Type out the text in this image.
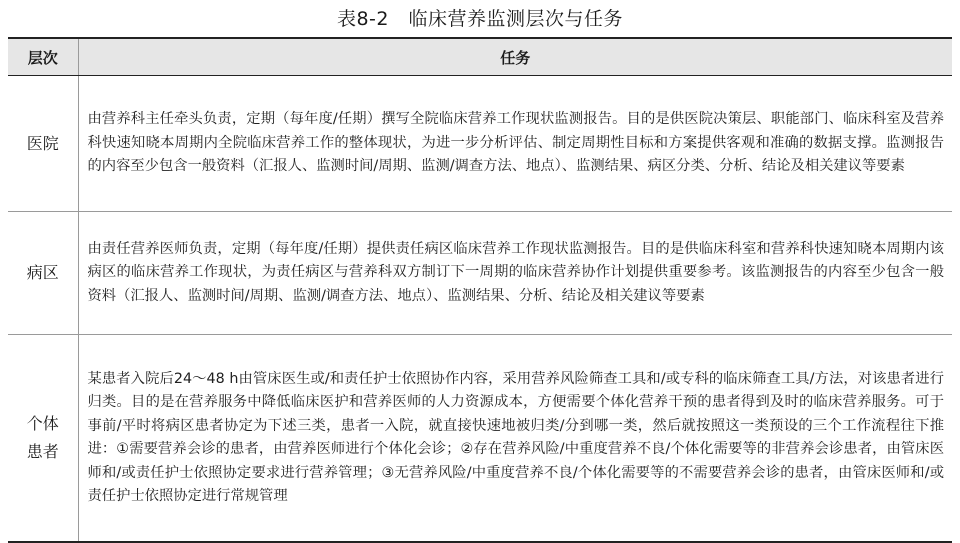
表8-2　临床营养监测层次与任务
层次	任务
医院	由营养科主任牵头负责，定期（每年度/任期）撰写全院临床营养工作现状监测报告。目的是供医院决策层、职能部门、临床科室及营养科快速知晓本周期内全院临床营养工作的整体现状，为进一步分析评估、制定周期性目标和方案提供客观和准确的数据支撑。监测报告的内容至少包含一般资料（汇报人、监测时间/周期、监测/调查方法、地点）、监测结果、病区分类、分析、结论及相关建议等要素
病区	由责任营养医师负责，定期（每年度/任期）提供责任病区临床营养工作现状监测报告。目的是供临床科室和营养科快速知晓本周期内该病区的临床营养工作现状，为责任病区与营养科双方制订下一周期的临床营养协作计划提供重要参考。该监测报告的内容至少包含一般资料（汇报人、监测时间/周期、监测/调查方法、地点）、监测结果、分析、结论及相关建议等要素
个体患者	某患者入院后24～48 h由管床医生或/和责任护士依照协作内容，采用营养风险筛查工具和/或专科的临床筛查工具/方法，对该患者进行归类。目的是在营养服务中降低临床医护和营养医师的人力资源成本，方便需要个体化营养干预的患者得到及时的临床营养服务。可于事前/平时将病区患者协定为下述三类，患者一入院，就直接快速地被归类/分到哪一类，然后就按照这一类预设的三个工作流程往下推进：①需要营养会诊的患者，由营养医师进行个体化会诊；②存在营养风险/中重度营养不良/个体化需要等的非营养会诊患者，由管床医师和/或责任护士依照协定要求进行营养管理；③无营养风险/中重度营养不良/个体化需要等的不需要营养会诊的患者，由管床医师和/或责任护士依照协定进行常规管理
